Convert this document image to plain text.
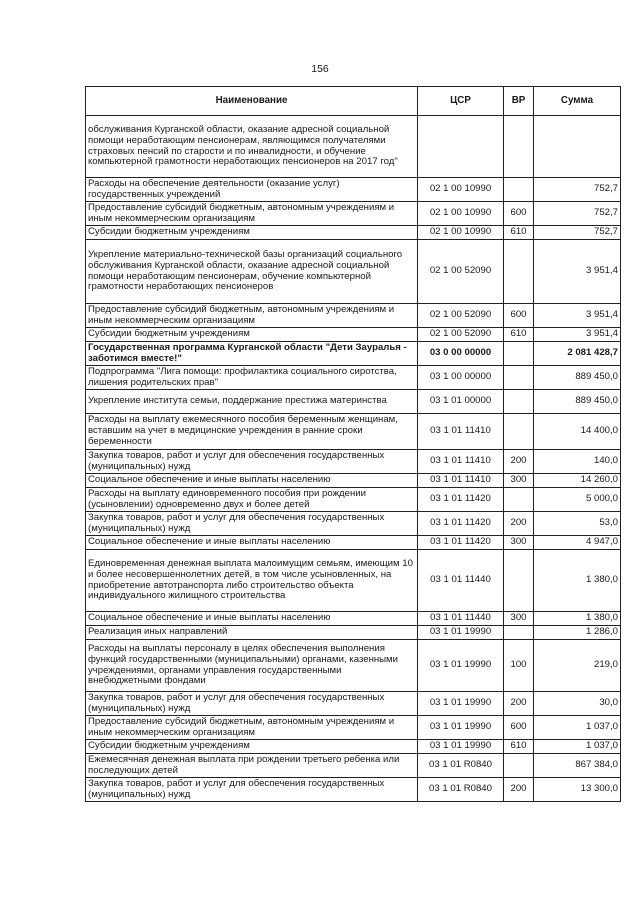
156
Наименование	ЦСР	ВР	Сумма
обслуживания Курганской области, оказание адресной социальной помощи неработающим пенсионерам, являющимся получателями страховых пенсий по старости и по инвалидности, и обучение компьютерной грамотности неработающих пенсионеров на 2017 год"			
Расходы на обеспечение деятельности (оказание услуг) государственных учреждений	02 1 00 10990		752,7
Предоставление субсидий бюджетным, автономным учреждениям и иным некоммерческим организациям	02 1 00 10990	600	752,7
Субсидии бюджетным учреждениям	02 1 00 10990	610	752,7
Укрепление материально-технической базы организаций социального обслуживания Курганской области, оказание адресной социальной помощи неработающим пенсионерам, обучение компьютерной грамотности неработающих пенсионеров	02 1 00 52090		3 951,4
Предоставление субсидий бюджетным, автономным учреждениям и иным некоммерческим организациям	02 1 00 52090	600	3 951,4
Субсидии бюджетным учреждениям	02 1 00 52090	610	3 951,4
Государственная программа Курганской области "Дети Зауралья - заботимся вместе!"	03 0 00 00000		2 081 428,7
Подпрограмма "Лига помощи: профилактика социального сиротства, лишения родительских прав"	03 1 00 00000		889 450,0
Укрепление института семьи, поддержание престижа материнства	03 1 01 00000		889 450,0
Расходы на выплату ежемесячного пособия беременным женщинам, вставшим на учет в медицинские учреждения в ранние сроки беременности	03 1 01 11410		14 400,0
Закупка товаров, работ и услуг для обеспечения государственных (муниципальных) нужд	03 1 01 11410	200	140,0
Социальное обеспечение и иные выплаты населению	03 1 01 11410	300	14 260,0
Расходы на выплату единовременного пособия при рождении (усыновлении) одновременно двух и более детей	03 1 01 11420		5 000,0
Закупка товаров, работ и услуг для обеспечения государственных (муниципальных) нужд	03 1 01 11420	200	53,0
Социальное обеспечение и иные выплаты населению	03 1 01 11420	300	4 947,0
Единовременная денежная выплата малоимущим семьям, имеющим 10 и более несовершеннолетних детей, в том числе усыновленных, на приобретение автотранспорта либо строительство объекта индивидуального жилищного строительства	03 1 01 11440		1 380,0
Социальное обеспечение и иные выплаты населению	03 1 01 11440	300	1 380,0
Реализация иных направлений	03 1 01 19990		1 286,0
Расходы на выплаты персоналу в целях обеспечения выполнения функций государственными (муниципальными) органами, казенными учреждениями, органами управления государственными внебюджетными фондами	03 1 01 19990	100	219,0
Закупка товаров, работ и услуг для обеспечения государственных (муниципальных) нужд	03 1 01 19990	200	30,0
Предоставление субсидий бюджетным, автономным учреждениям и иным некоммерческим организациям	03 1 01 19990	600	1 037,0
Субсидии бюджетным учреждениям	03 1 01 19990	610	1 037,0
Ежемесячная денежная выплата при рождении третьего ребенка или последующих детей	03 1 01 R0840		867 384,0
Закупка товаров, работ и услуг для обеспечения государственных (муниципальных) нужд	03 1 01 R0840	200	13 300,0
